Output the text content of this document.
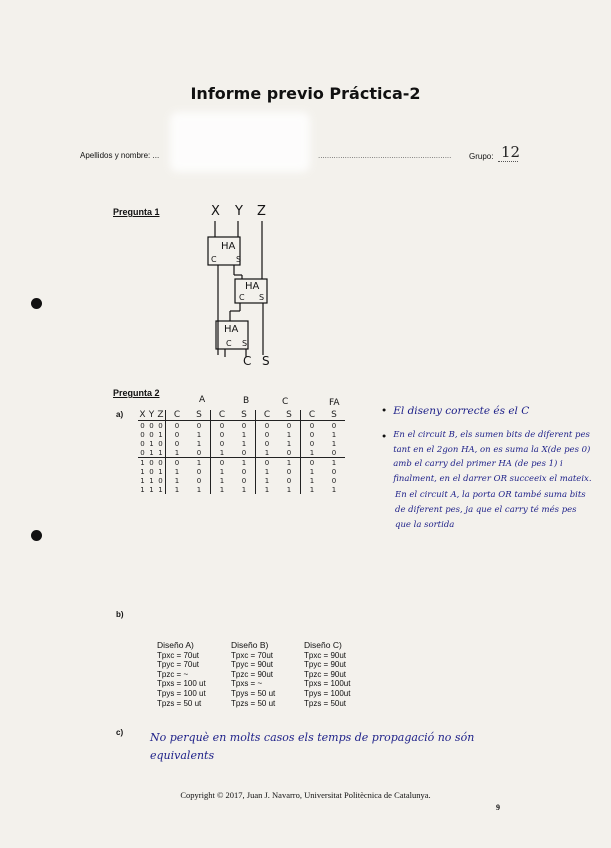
Informe previo Práctica-2
Apellidos y nombre: ...	............................................................ Grupo: 12
Pregunta 1	X Y Z
HA
C S
HA
C S
HA
C S
C S
Pregunta 2
a)
A	B	C	FA
X	Y	Z	C	S	C	S	C	S	C	S
0	0	0	0	0	0	0	0	0	0	0
0	0	1	0	1	0	1	0	1	0	1
0	1	0	0	1	0	1	0	1	0	1
0	1	1	1	0	1	0	1	0	1	0
1	0	0	0	1	0	1	0	1	0	1
1	0	1	1	0	1	0	1	0	1	0
1	1	0	1	0	1	0	1	0	1	0
1	1	1	1	1	1	1	1	1	1	1
• El diseny correcte és el C
• En el circuit B, els sumen bits de diferent pes tant en el 2gon HA, on es suma la X(de pes 0) amb el carry del primer HA (de pes 1) i finalment, en el darrer OR succeeix el mateix.
En el circuit A, la porta OR també suma bits de diferent pes, ja que el carry té més pes que la sortida
b)
Diseño A)
Tpxc = 70ut
Tpyc = 70ut
Tpzc = ~
Tpxs = 100 ut
Tpys = 100 ut
Tpzs = 50 ut
Diseño B)
Tpxc = 70ut
Tpyc = 90ut
Tpzc = 90ut
Tpxs = ~
Tpys = 50 ut
Tpzs = 50 ut
Diseño C)
Tpxc = 90ut
Tpyc = 90ut
Tpzc = 90ut
Tpxs = 100ut
Tpys = 100ut
Tpzs = 50ut
c) No perquè en molts casos els temps de propagació no són equivalents
Copyright © 2017, Juan J. Navarro, Universitat Politècnica de Catalunya.
9
